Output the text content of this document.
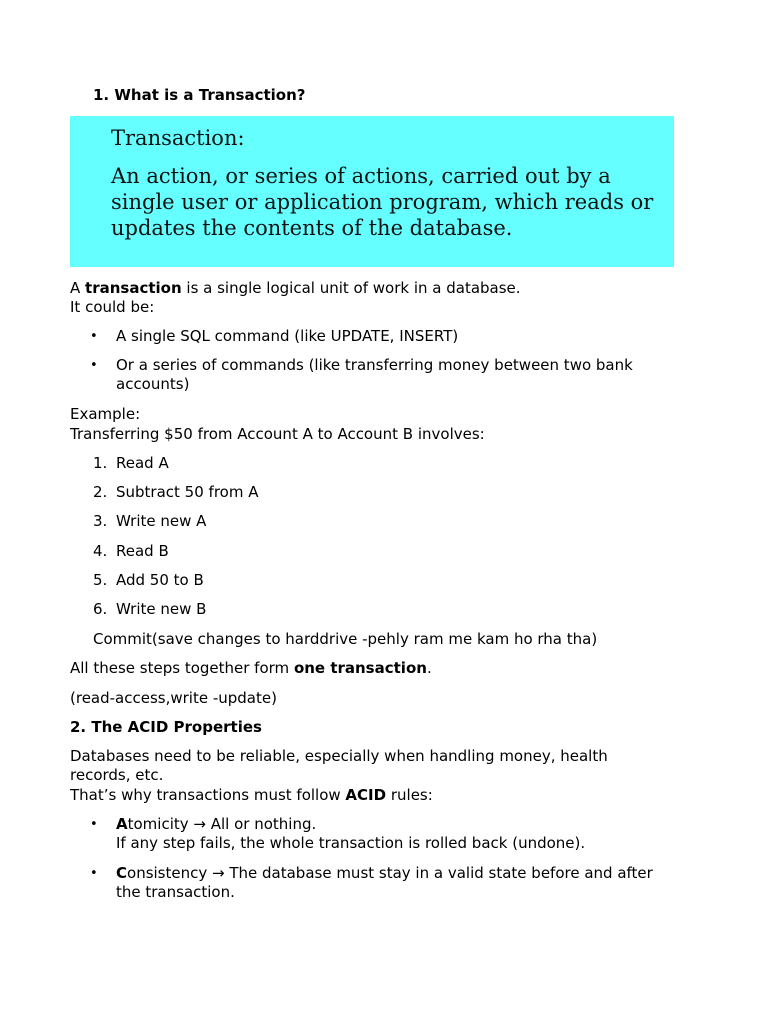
1. What is a Transaction?
Transaction:
An action, or series of actions, carried out by a single user or application program, which reads or updates the contents of the database.
A transaction is a single logical unit of work in a database.
It could be:
• A single SQL command (like UPDATE, INSERT)
• Or a series of commands (like transferring money between two bank accounts)
Example:
Transferring $50 from Account A to Account B involves:
1. Read A
2. Subtract 50 from A
3. Write new A
4. Read B
5. Add 50 to B
6. Write new B
Commit(save changes to harddrive -pehly ram me kam ho rha tha)
All these steps together form one transaction.
(read-access,write -update)
2. The ACID Properties
Databases need to be reliable, especially when handling money, health records, etc.
That’s why transactions must follow ACID rules:
• Atomicity → All or nothing.
If any step fails, the whole transaction is rolled back (undone).
• Consistency → The database must stay in a valid state before and after the transaction.
